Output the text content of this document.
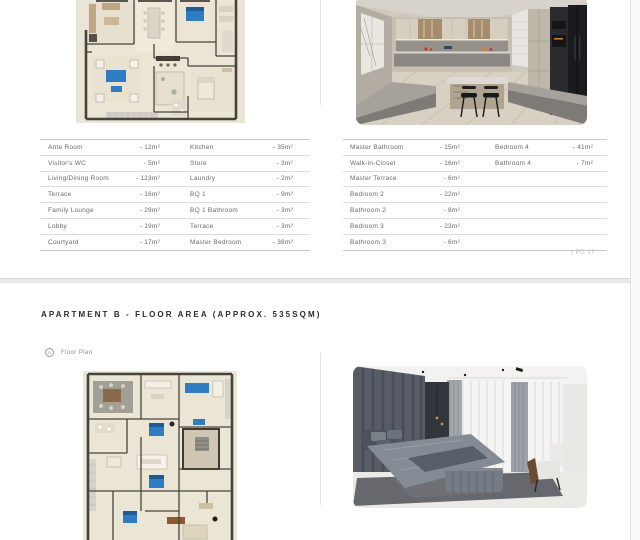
Ante Room	- 12m²	Kitchen	- 35m²
Visitor's WC	- 5m²	Store	- 3m²
Living/Dining Room	- 123m²	Laundry	- 2m²
Terrace	- 16m²	BQ 1	- 9m²
Family Lounge	- 29m²	BQ 1 Bathroom	- 3m²
Lobby	- 19m²	Terrace	- 3m²
Courtyard	- 17m²	Master Bedroom	- 38m²
Master Bathroom	- 15m²	Bedroom 4	- 41m²
Walk-in-Closet	- 16m²	Bathroom 4	- 7m²
Master Terrace	- 6m²
Bedroom 2	- 22m²
Bathroom 2	- 8m²
Bedroom 3	- 23m²
Bathroom 3	- 6m²
| PG 17
APARTMENT B - FLOOR AREA (APPROX. 535SQM)
A	Floor Plan
